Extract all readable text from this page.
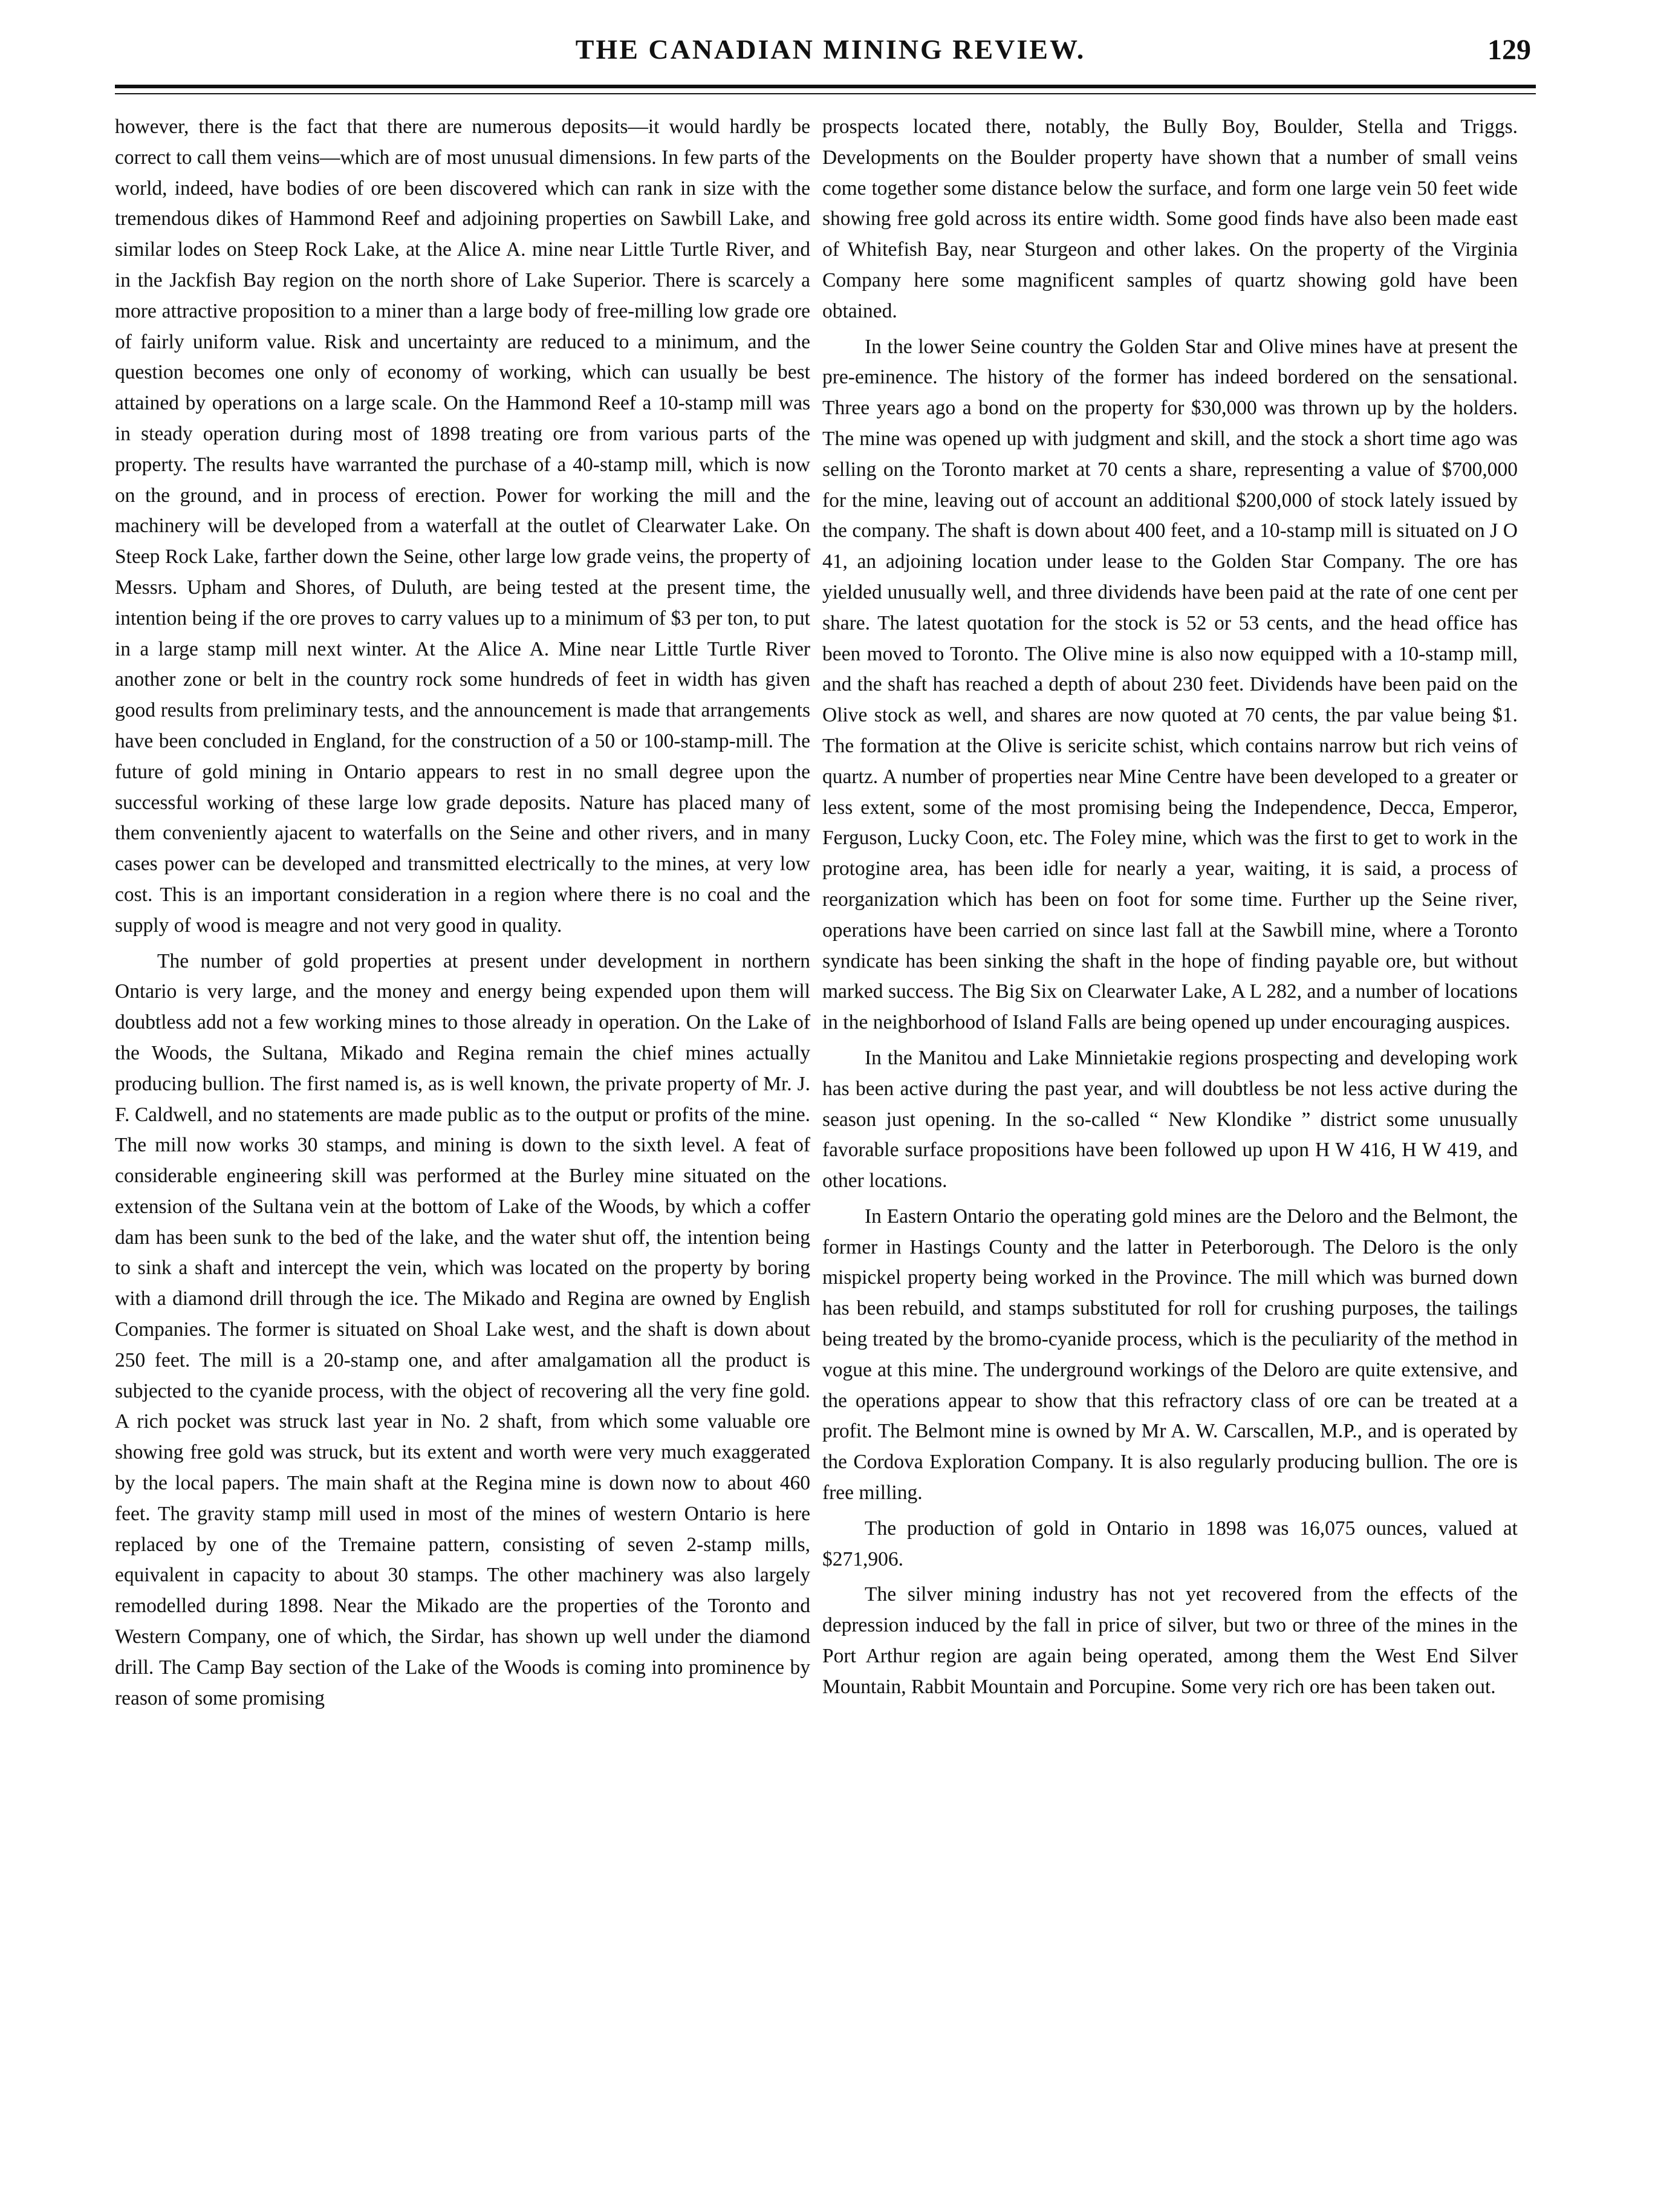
THE CANADIAN MINING REVIEW.	129

however, there is the fact that there are numerous deposits—it would hardly be correct to call them veins—which are of most unusual dimensions. In few parts of the world, indeed, have bodies of ore been discovered which can rank in size with the tremendous dikes of Hammond Reef and adjoining properties on Sawbill Lake, and similar lodes on Steep Rock Lake, at the Alice A. mine near Little Turtle River, and in the Jackfish Bay region on the north shore of Lake Superior. There is scarcely a more attractive proposition to a miner than a large body of free-milling low grade ore of fairly uniform value. Risk and uncertainty are reduced to a minimum, and the question becomes one only of economy of working, which can usually be best attained by operations on a large scale. On the Hammond Reef a 10-stamp mill was in steady operation during most of 1898 treating ore from various parts of the property. The results have warranted the purchase of a 40-stamp mill, which is now on the ground, and in process of erection. Power for working the mill and the machinery will be developed from a waterfall at the outlet of Clearwater Lake. On Steep Rock Lake, farther down the Seine, other large low grade veins, the property of Messrs. Upham and Shores, of Duluth, are being tested at the present time, the intention being if the ore proves to carry values up to a minimum of $3 per ton, to put in a large stamp mill next winter. At the Alice A. Mine near Little Turtle River another zone or belt in the country rock some hundreds of feet in width has given good results from preliminary tests, and the announcement is made that arrangements have been concluded in England, for the construction of a 50 or 100-stamp-mill. The future of gold mining in Ontario appears to rest in no small degree upon the successful working of these large low grade deposits. Nature has placed many of them conveniently ajacent to waterfalls on the Seine and other rivers, and in many cases power can be developed and transmitted electrically to the mines, at very low cost. This is an important consideration in a region where there is no coal and the supply of wood is meagre and not very good in quality.

The number of gold properties at present under development in northern Ontario is very large, and the money and energy being expended upon them will doubtless add not a few working mines to those already in operation. On the Lake of the Woods, the Sultana, Mikado and Regina remain the chief mines actually producing bullion. The first named is, as is well known, the private property of Mr. J. F. Caldwell, and no statements are made public as to the output or profits of the mine. The mill now works 30 stamps, and mining is down to the sixth level. A feat of considerable engineering skill was performed at the Burley mine situated on the extension of the Sultana vein at the bottom of Lake of the Woods, by which a coffer dam has been sunk to the bed of the lake, and the water shut off, the intention being to sink a shaft and intercept the vein, which was located on the property by boring with a diamond drill through the ice. The Mikado and Regina are owned by English Companies. The former is situated on Shoal Lake west, and the shaft is down about 250 feet. The mill is a 20-stamp one, and after amalgamation all the product is subjected to the cyanide process, with the object of recovering all the very fine gold. A rich pocket was struck last year in No. 2 shaft, from which some valuable ore showing free gold was struck, but its extent and worth were very much exaggerated by the local papers. The main shaft at the Regina mine is down now to about 460 feet. The gravity stamp mill used in most of the mines of western Ontario is here replaced by one of the Tremaine pattern, consisting of seven 2-stamp mills, equivalent in capacity to about 30 stamps. The other machinery was also largely remodelled during 1898. Near the Mikado are the properties of the Toronto and Western Company, one of which, the Sirdar, has shown up well under the diamond drill. The Camp Bay section of the Lake of the Woods is coming into prominence by reason of some promising

prospects located there, notably, the Bully Boy, Boulder, Stella and Triggs. Developments on the Boulder property have shown that a number of small veins come together some distance below the surface, and form one large vein 50 feet wide showing free gold across its entire width. Some good finds have also been made east of Whitefish Bay, near Sturgeon and other lakes. On the property of the Virginia Company here some magnificent samples of quartz showing gold have been obtained.

In the lower Seine country the Golden Star and Olive mines have at present the pre-eminence. The history of the former has indeed bordered on the sensational. Three years ago a bond on the property for $30,000 was thrown up by the holders. The mine was opened up with judgment and skill, and the stock a short time ago was selling on the Toronto market at 70 cents a share, representing a value of $700,000 for the mine, leaving out of account an additional $200,000 of stock lately issued by the company. The shaft is down about 400 feet, and a 10-stamp mill is situated on J O 41, an adjoining location under lease to the Golden Star Company. The ore has yielded unusually well, and three dividends have been paid at the rate of one cent per share. The latest quotation for the stock is 52 or 53 cents, and the head office has been moved to Toronto. The Olive mine is also now equipped with a 10-stamp mill, and the shaft has reached a depth of about 230 feet. Dividends have been paid on the Olive stock as well, and shares are now quoted at 70 cents, the par value being $1. The formation at the Olive is sericite schist, which contains narrow but rich veins of quartz. A number of properties near Mine Centre have been developed to a greater or less extent, some of the most promising being the Independence, Decca, Emperor, Ferguson, Lucky Coon, etc. The Foley mine, which was the first to get to work in the protogine area, has been idle for nearly a year, waiting, it is said, a process of reorganization which has been on foot for some time. Further up the Seine river, operations have been carried on since last fall at the Sawbill mine, where a Toronto syndicate has been sinking the shaft in the hope of finding payable ore, but without marked success. The Big Six on Clearwater Lake, A L 282, and a number of locations in the neighborhood of Island Falls are being opened up under encouraging auspices.

In the Manitou and Lake Minnietakie regions prospecting and developing work has been active during the past year, and will doubtless be not less active during the season just opening. In the so-called “ New Klondike ” district some unusually favorable surface propositions have been followed up upon H W 416, H W 419, and other locations.

In Eastern Ontario the operating gold mines are the Deloro and the Belmont, the former in Hastings County and the latter in Peterborough. The Deloro is the only mispickel property being worked in the Province. The mill which was burned down has been rebuild, and stamps substituted for roll for crushing purposes, the tailings being treated by the bromo-cyanide process, which is the peculiarity of the method in vogue at this mine. The underground workings of the Deloro are quite extensive, and the operations appear to show that this refractory class of ore can be treated at a profit. The Belmont mine is owned by Mr A. W. Carscallen, M.P., and is operated by the Cordova Exploration Company. It is also regularly producing bullion. The ore is free milling.

The production of gold in Ontario in 1898 was 16,075 ounces, valued at $271,906.

The silver mining industry has not yet recovered from the effects of the depression induced by the fall in price of silver, but two or three of the mines in the Port Arthur region are again being operated, among them the West End Silver Mountain, Rabbit Mountain and Porcupine. Some very rich ore has been taken out.
